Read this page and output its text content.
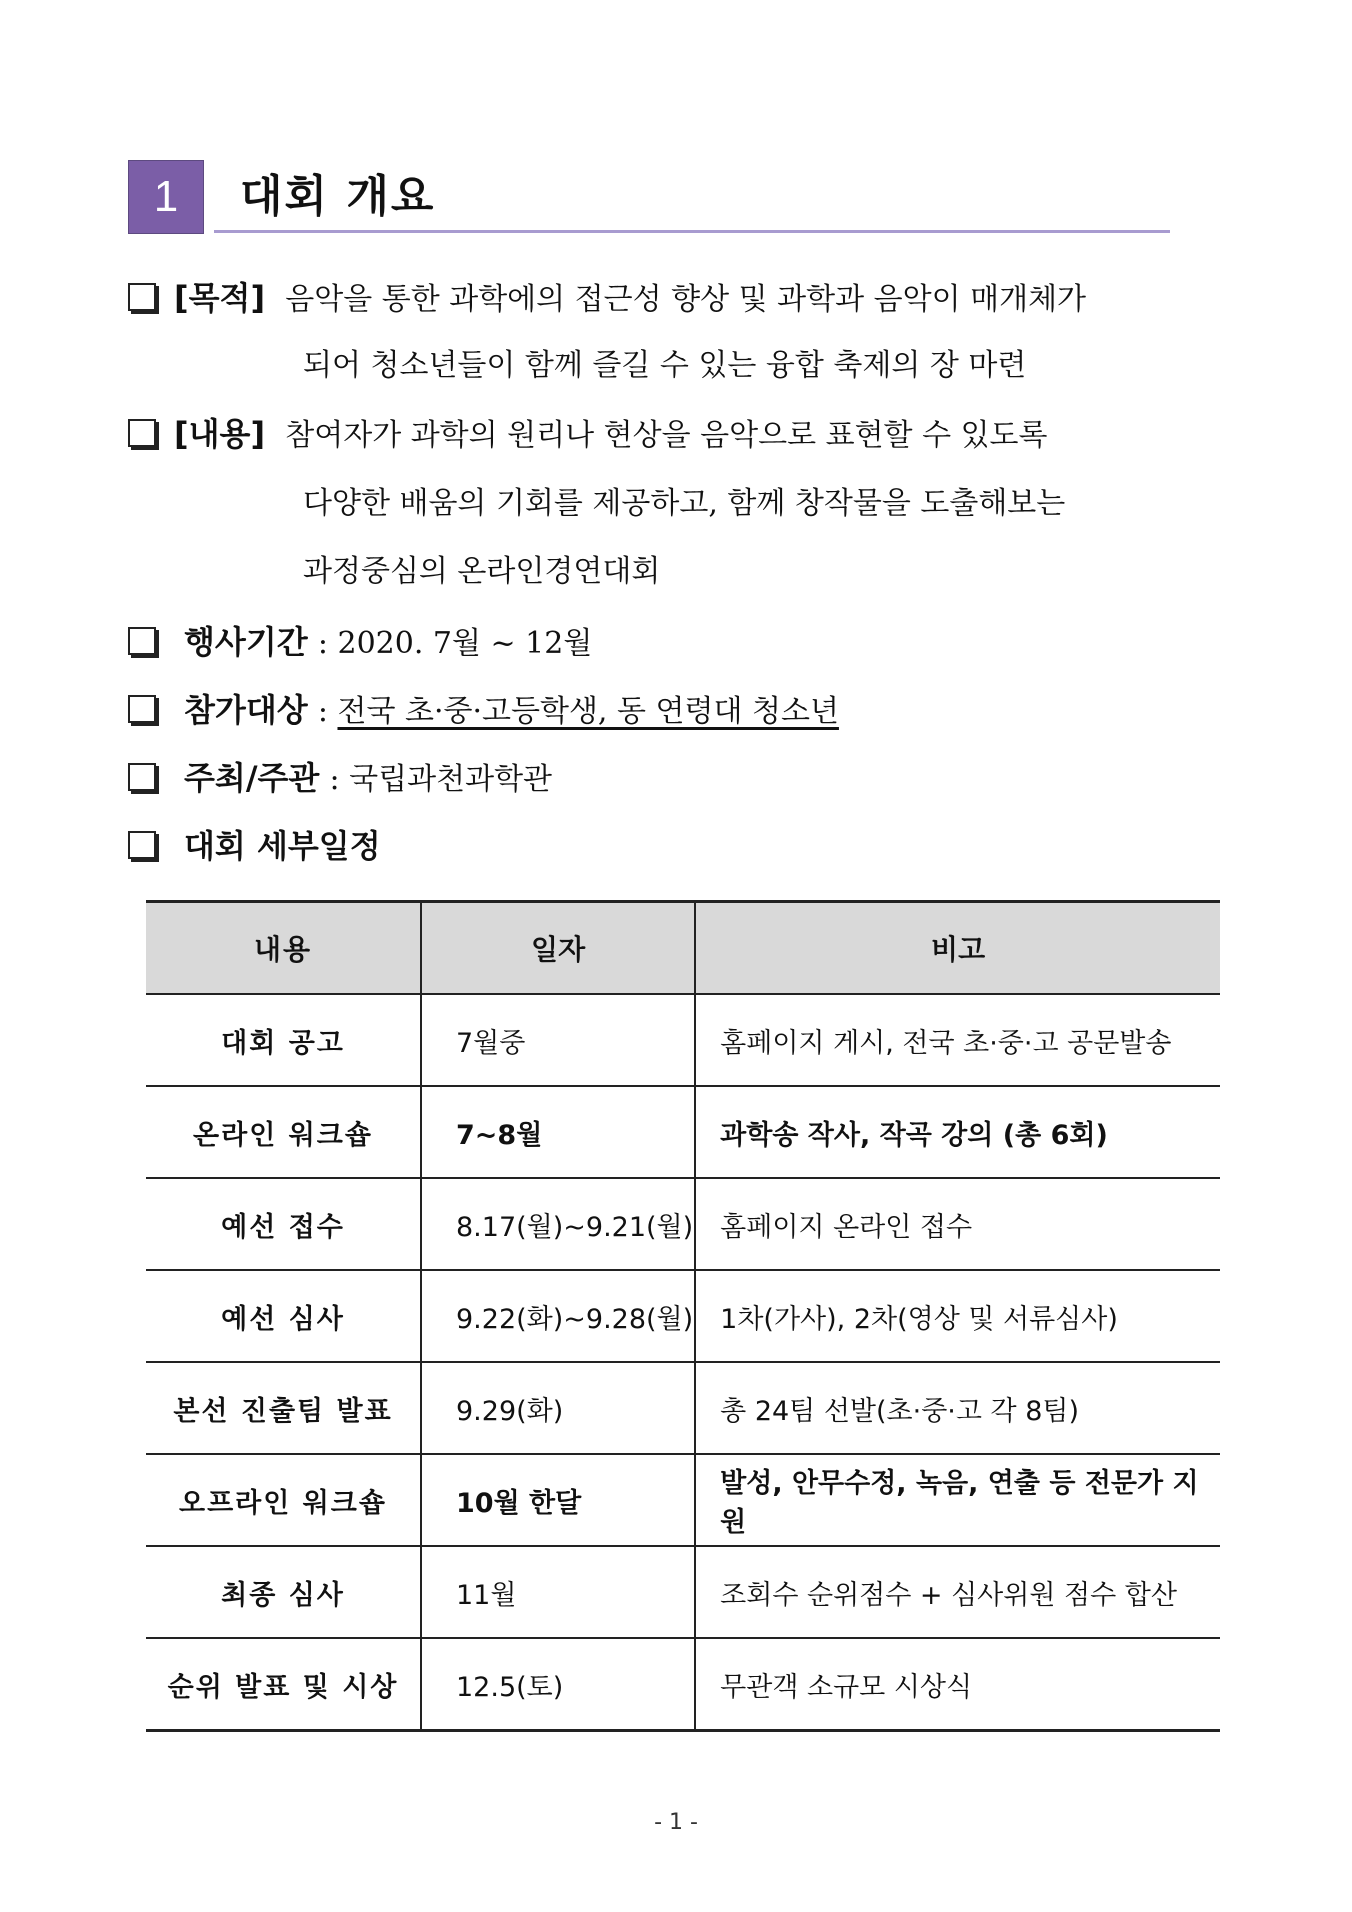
1 대회 개요
[목적] 음악을 통한 과학에의 접근성 향상 및 과학과 음악이 매개체가
되어 청소년들이 함께 즐길 수 있는 융합 축제의 장 마련
[내용] 참여자가 과학의 원리나 현상을 음악으로 표현할 수 있도록
다양한 배움의 기회를 제공하고, 함께 창작물을 도출해보는
과정중심의 온라인경연대회
행사기간 : 2020. 7월 ~ 12월
참가대상 : 전국 초·중·고등학생, 동 연령대 청소년
주최/주관 : 국립과천과학관
대회 세부일정
내용	일자	비고
대회 공고	7월중	홈페이지 게시, 전국 초·중·고 공문발송
온라인 워크숍	7~8월	과학송 작사, 작곡 강의 (총 6회)
예선 접수	8.17(월)~9.21(월)	홈페이지 온라인 접수
예선 심사	9.22(화)~9.28(월)	1차(가사), 2차(영상 및 서류심사)
본선 진출팀 발표	9.29(화)	총 24팀 선발(초·중·고 각 8팀)
오프라인 워크숍	10월 한달	발성, 안무수정, 녹음, 연출 등 전문가 지원
최종 심사	11월	조회수 순위점수 + 심사위원 점수 합산
순위 발표 및 시상	12.5(토)	무관객 소규모 시상식
- 1 -
